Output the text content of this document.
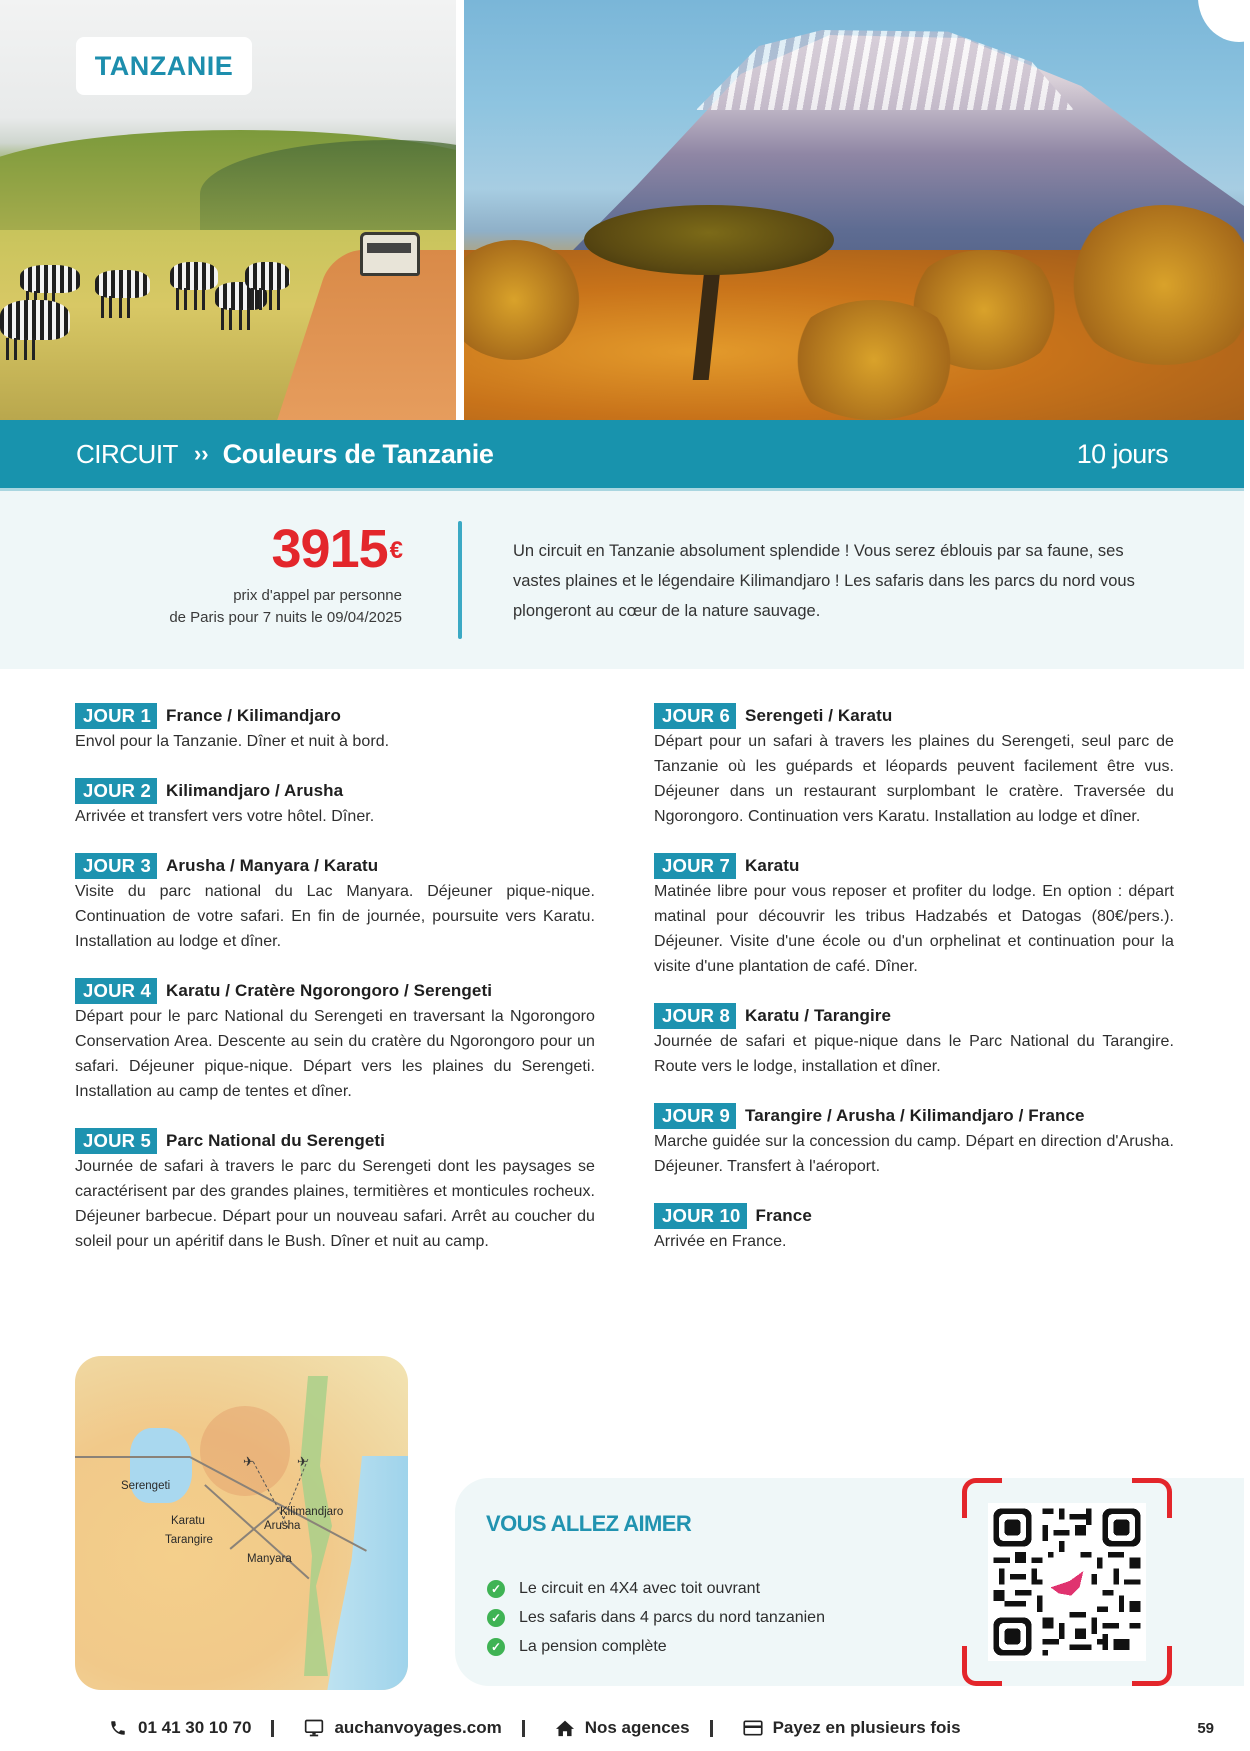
TANZANIE
CIRCUIT ›› Couleurs de Tanzanie	10 jours
3915€
prix d'appel par personne
de Paris pour 7 nuits le 09/04/2025

Un circuit en Tanzanie absolument splendide ! Vous serez éblouis par sa faune, ses vastes plaines et le légendaire Kilimandjaro ! Les safaris dans les parcs du nord vous plongeront au cœur de la nature sauvage.

JOUR 1 France / Kilimandjaro

Envol pour la Tanzanie. Dîner et nuit à bord.

JOUR 2 Kilimandjaro / Arusha

Arrivée et transfert vers votre hôtel. Dîner.

JOUR 3 Arusha / Manyara / Karatu

Visite du parc national du Lac Manyara. Déjeuner pique-nique. Continuation de votre safari. En fin de journée, poursuite vers Karatu. Installation au lodge et dîner.

JOUR 4 Karatu / Cratère Ngorongoro / Serengeti

Départ pour le parc National du Serengeti en traversant la Ngorongoro Conservation Area. Descente au sein du cratère du Ngorongoro pour un safari. Déjeuner pique-nique. Départ vers les plaines du Serengeti. Installation au camp de tentes et dîner.

JOUR 5 Parc National du Serengeti

Journée de safari à travers le parc du Serengeti dont les paysages se caractérisent par des grandes plaines, termitières et monticules rocheux. Déjeuner barbecue. Départ pour un nouveau safari. Arrêt au coucher du soleil pour un apéritif dans le Bush. Dîner et nuit au camp.

JOUR 6 Serengeti / Karatu

Départ pour un safari à travers les plaines du Serengeti, seul parc de Tanzanie où les guépards et léopards peuvent facilement être vus. Déjeuner dans un restaurant surplombant le cratère. Traversée du Ngorongoro. Continuation vers Karatu. Installation au lodge et dîner.

JOUR 7 Karatu

Matinée libre pour vous reposer et profiter du lodge. En option : départ matinal pour découvrir les tribus Hadzabés et Datogas (80€/pers.). Déjeuner. Visite d'une école ou d'un orphelinat et continuation pour la visite d'une plantation de café. Dîner.

JOUR 8 Karatu / Tarangire

Journée de safari et pique-nique dans le Parc National du Tarangire. Route vers le lodge, installation et dîner.

JOUR 9 Tarangire / Arusha / Kilimandjaro / France

Marche guidée sur la concession du camp. Départ en direction d'Arusha. Déjeuner. Transfert à l'aéroport.

JOUR 10 France

Arrivée en France.

✈	✈
Serengeti
Karatu
Tarangire
Kilimandjaro
Arusha
Manyara
VOUS ALLEZ AIMER
✓ Le circuit en 4X4 avec toit ouvrant
✓ Les safaris dans 4 parcs du nord tanzanien
✓ La pension complète
01 41 30 10 70	auchanvoyages.com	Nos agences	Payez en plusieurs fois	59
